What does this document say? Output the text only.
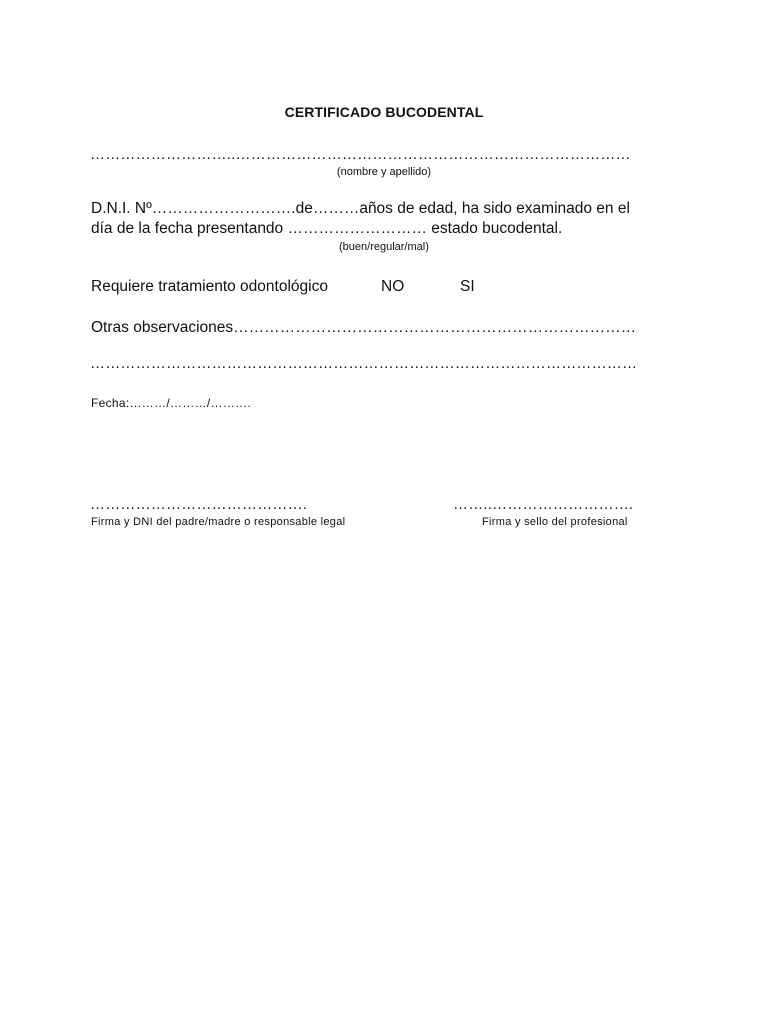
CERTIFICADO BUCODENTAL
………………………..……………………………………………………………………
(nombre y apellido)
D.N.I. Nº……………………….de………años de edad, ha sido examinado en el
día de la fecha presentando ……………………… estado bucodental.
(buen/regular/mal)
Requiere tratamiento odontológico	NO	SI
Otras observaciones……………………………………………………………………
………………………………………………………………………………………………
Fecha:………/………/……….
…………………………………….
Firma y DNI del padre/madre o responsable legal
……..……………………….
Firma y sello del profesional
